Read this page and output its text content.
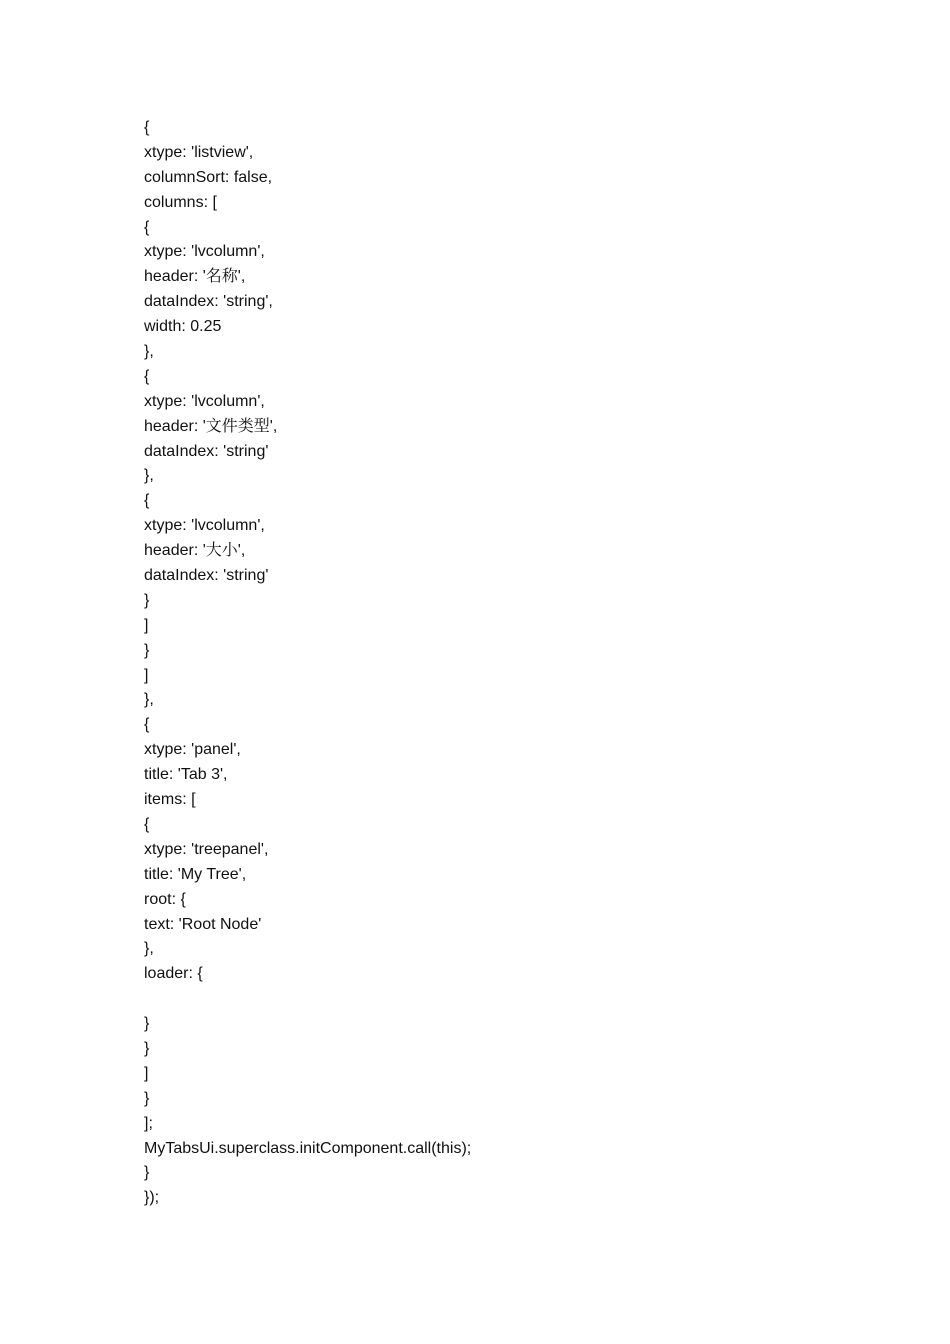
{
xtype: 'listview',
columnSort: false,
columns: [
{
xtype: 'lvcolumn',
header: '名称',
dataIndex: 'string',
width: 0.25
},
{
xtype: 'lvcolumn',
header: '文件类型',
dataIndex: 'string'
},
{
xtype: 'lvcolumn',
header: '大小',
dataIndex: 'string'
}
]
}
]
},
{
xtype: 'panel',
title: 'Tab 3',
items: [
{
xtype: 'treepanel',
title: 'My Tree',
root: {
text: 'Root Node'
},
loader: {
}
}
]
}
];
MyTabsUi.superclass.initComponent.call(this);
}
});
